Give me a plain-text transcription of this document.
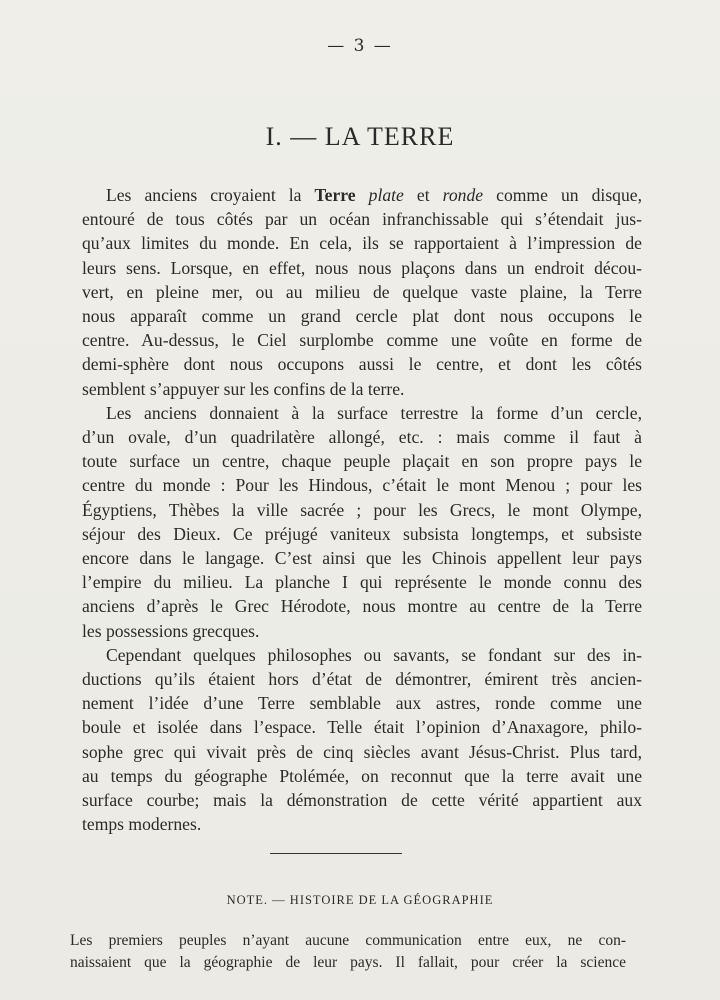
— 3 —
I. — LA TERRE

Les anciens croyaient la Terre plate et ronde comme un disque,

entouré de tous côtés par un océan infranchissable qui s’étendait jus-
qu’aux limites du monde. En cela, ils se rapportaient à l’impression de
leurs sens. Lorsque, en effet, nous nous plaçons dans un endroit décou-
vert, en pleine mer, ou au milieu de quelque vaste plaine, la Terre
nous apparaît comme un grand cercle plat dont nous occupons le
centre. Au-dessus, le Ciel surplombe comme une voûte en forme de
demi-sphère dont nous occupons aussi le centre, et dont les côtés
semblent s’appuyer sur les confins de la terre.

Les anciens donnaient à la surface terrestre la forme d’un cercle,
d’un ovale, d’un quadrilatère allongé, etc. : mais comme il faut à
toute surface un centre, chaque peuple plaçait en son propre pays le
centre du monde : Pour les Hindous, c’était le mont Menou ; pour les
Égyptiens, Thèbes la ville sacrée ; pour les Grecs, le mont Olympe,
séjour des Dieux. Ce préjugé vaniteux subsista longtemps, et subsiste
encore dans le langage. C’est ainsi que les Chinois appellent leur pays
l’empire du milieu. La planche I qui représente le monde connu des
anciens d’après le Grec Hérodote, nous montre au centre de la Terre
les possessions grecques.

Cependant quelques philosophes ou savants, se fondant sur des in-
ductions qu’ils étaient hors d’état de démontrer, émirent très ancien-
nement l’idée d’une Terre semblable aux astres, ronde comme une
boule et isolée dans l’espace. Telle était l’opinion d’Anaxagore, philo-
sophe grec qui vivait près de cinq siècles avant Jésus-Christ. Plus tard,
au temps du géographe Ptolémée, on reconnut que la terre avait une
surface courbe; mais la démonstration de cette vérité appartient aux
temps modernes.

NOTE. — HISTOIRE DE LA GÉOGRAPHIE
Les premiers peuples n’ayant aucune communication entre eux, ne con-
naissaient que la géographie de leur pays. Il fallait, pour créer la science
